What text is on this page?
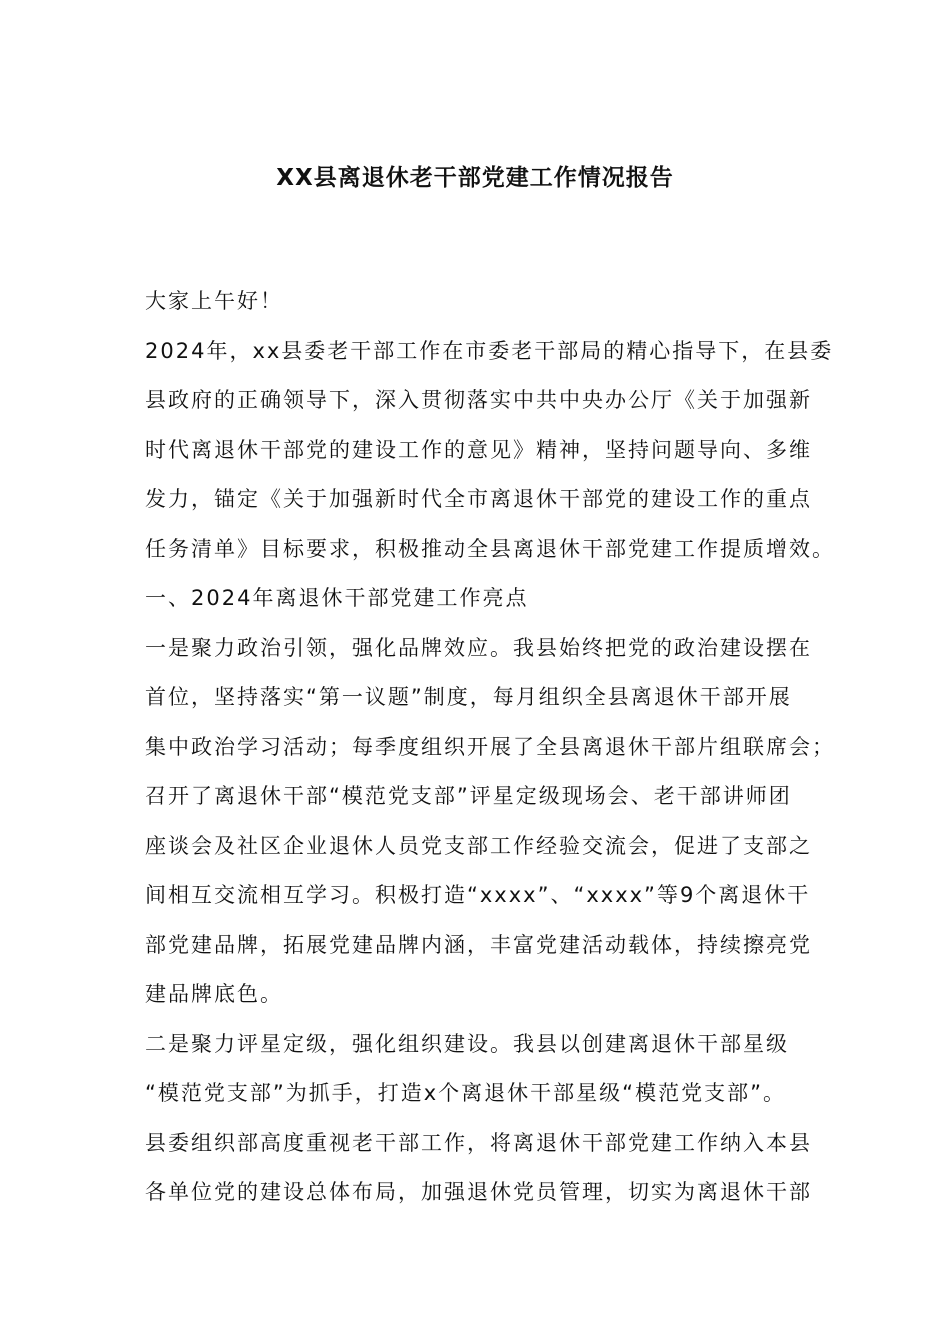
XX县离退休老干部党建工作情况报告
大家上午好！
2024年，xx县委老干部工作在市委老干部局的精心指导下，在县委
县政府的正确领导下，深入贯彻落实中共中央办公厅《关于加强新
时代离退休干部党的建设工作的意见》精神，坚持问题导向、多维
发力，锚定《关于加强新时代全市离退休干部党的建设工作的重点
任务清单》目标要求，积极推动全县离退休干部党建工作提质增效。
一、2024年离退休干部党建工作亮点
一是聚力政治引领，强化品牌效应。我县始终把党的政治建设摆在
首位，坚持落实“第一议题”制度，每月组织全县离退休干部开展
集中政治学习活动；每季度组织开展了全县离退休干部片组联席会；
召开了离退休干部“模范党支部”评星定级现场会、老干部讲师团
座谈会及社区企业退休人员党支部工作经验交流会，促进了支部之
间相互交流相互学习。积极打造“xxxx”、“xxxx”等9个离退休干
部党建品牌，拓展党建品牌内涵，丰富党建活动载体，持续擦亮党
建品牌底色。
二是聚力评星定级，强化组织建设。我县以创建离退休干部星级
“模范党支部”为抓手，打造x个离退休干部星级“模范党支部”。
县委组织部高度重视老干部工作，将离退休干部党建工作纳入本县
各单位党的建设总体布局，加强退休党员管理，切实为离退休干部
